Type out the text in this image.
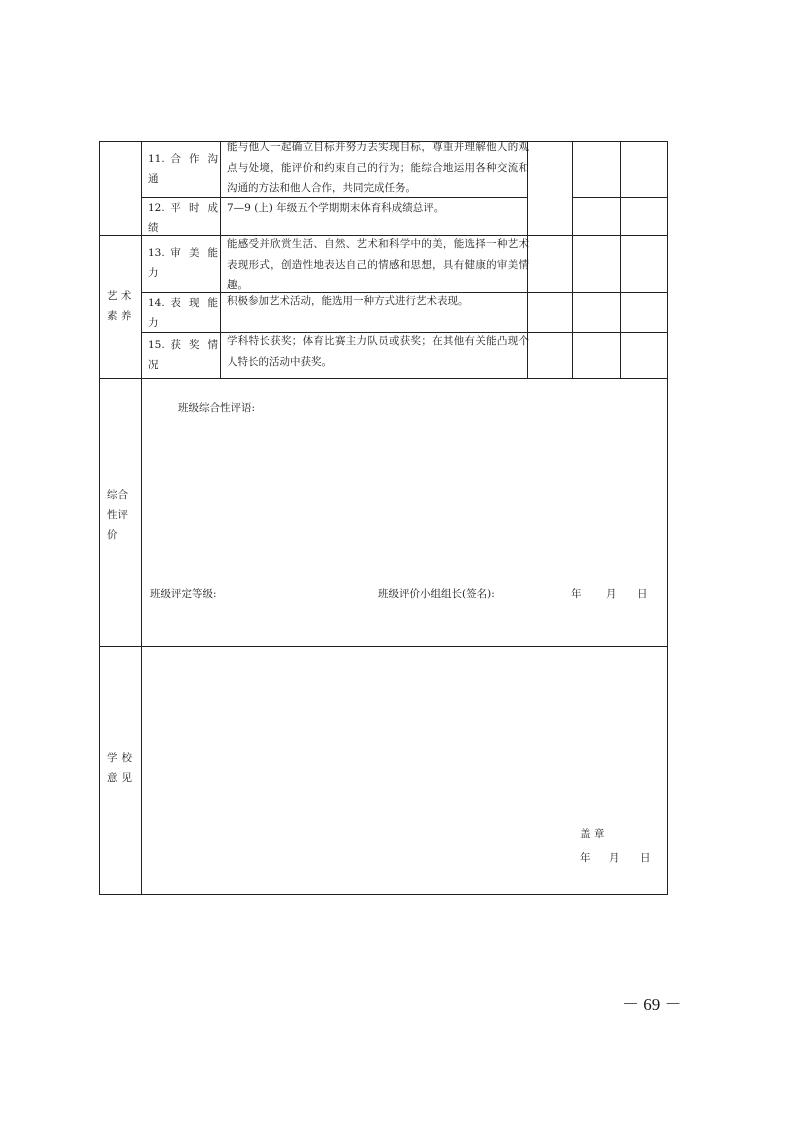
11. 合 作 沟 通
12. 平 时 成 绩
13. 审 美 能 力
14. 表 现 能 力
15. 获 奖 情 况
能与他人一起确立目标并努力去实现目标，尊重并理解他人的观点与处境，能评价和约束自己的行为；能综合地运用各种交流和沟通的方法和他人合作，共同完成任务。
7—9 (上) 年级五个学期期末体育科成绩总评。
能感受并欣赏生活、自然、艺术和科学中的美，能选择一种艺术表现形式，创造性地表达自己的情感和思想，具有健康的审美情趣。
积极参加艺术活动，能选用一种方式进行艺术表现。
学科特长获奖；体育比赛主力队员或获奖；在其他有关能凸现个人特长的活动中获奖。
艺 术 素 养
综合性评价
学校意见
班级综合性评语:
班级评定等级:	班级评价小组组长(签名):	年 月 日
盖 章
年 月 日
－ 69 －
